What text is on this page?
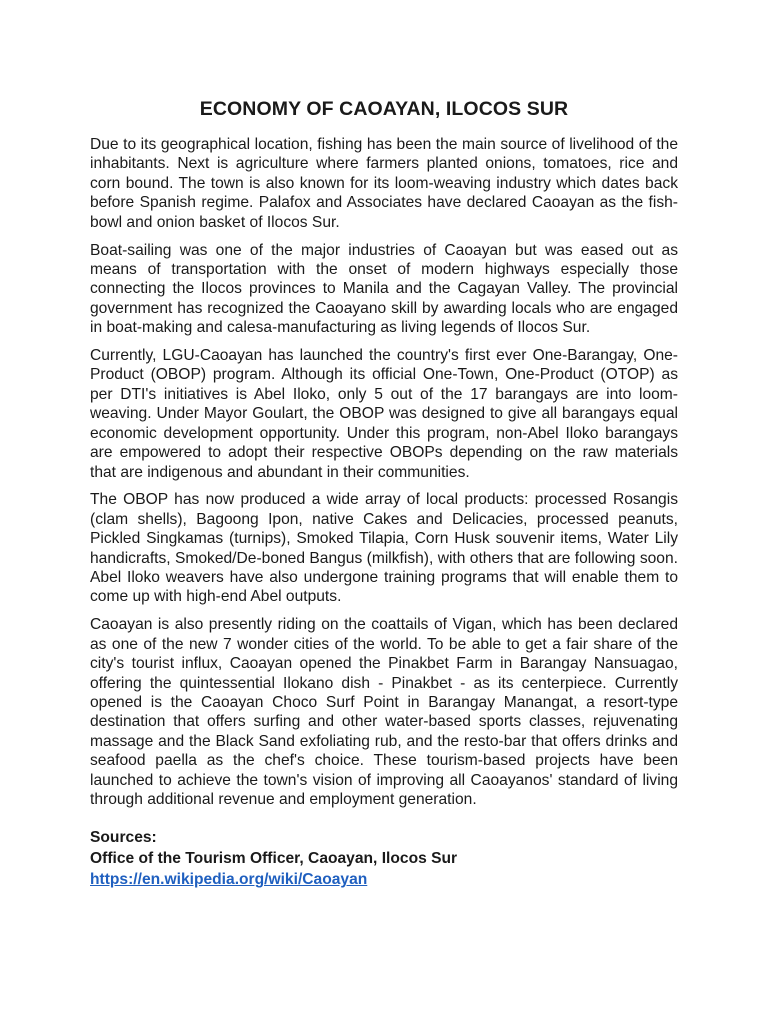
ECONOMY OF CAOAYAN, ILOCOS SUR

Due to its geographical location, fishing has been the main source of livelihood of the inhabitants. Next is agriculture where farmers planted onions, tomatoes, rice and corn bound. The town is also known for its loom-weaving industry which dates back before Spanish regime. Palafox and Associates have declared Caoayan as the fish-bowl and onion basket of Ilocos Sur.

Boat-sailing was one of the major industries of Caoayan but was eased out as means of transportation with the onset of modern highways especially those connecting the Ilocos provinces to Manila and the Cagayan Valley. The provincial government has recognized the Caoayano skill by awarding locals who are engaged in boat-making and calesa-manufacturing as living legends of Ilocos Sur.

Currently, LGU-Caoayan has launched the country's first ever One-Barangay, One-Product (OBOP) program. Although its official One-Town, One-Product (OTOP) as per DTI's initiatives is Abel Iloko, only 5 out of the 17 barangays are into loom-weaving. Under Mayor Goulart, the OBOP was designed to give all barangays equal economic development opportunity. Under this program, non-Abel Iloko barangays are empowered to adopt their respective OBOPs depending on the raw materials that are indigenous and abundant in their communities.

The OBOP has now produced a wide array of local products: processed Rosangis (clam shells), Bagoong Ipon, native Cakes and Delicacies, processed peanuts, Pickled Singkamas (turnips), Smoked Tilapia, Corn Husk souvenir items, Water Lily handicrafts, Smoked/De-boned Bangus (milkfish), with others that are following soon. Abel Iloko weavers have also undergone training programs that will enable them to come up with high-end Abel outputs.

Caoayan is also presently riding on the coattails of Vigan, which has been declared as one of the new 7 wonder cities of the world. To be able to get a fair share of the city's tourist influx, Caoayan opened the Pinakbet Farm in Barangay Nansuagao, offering the quintessential Ilokano dish - Pinakbet - as its centerpiece. Currently opened is the Caoayan Choco Surf Point in Barangay Manangat, a resort-type destination that offers surfing and other water-based sports classes, rejuvenating massage and the Black Sand exfoliating rub, and the resto-bar that offers drinks and seafood paella as the chef's choice. These tourism-based projects have been launched to achieve the town's vision of improving all Caoayanos' standard of living through additional revenue and employment generation.

Sources:
Office of the Tourism Officer, Caoayan, Ilocos Sur
https://en.wikipedia.org/wiki/Caoayan
